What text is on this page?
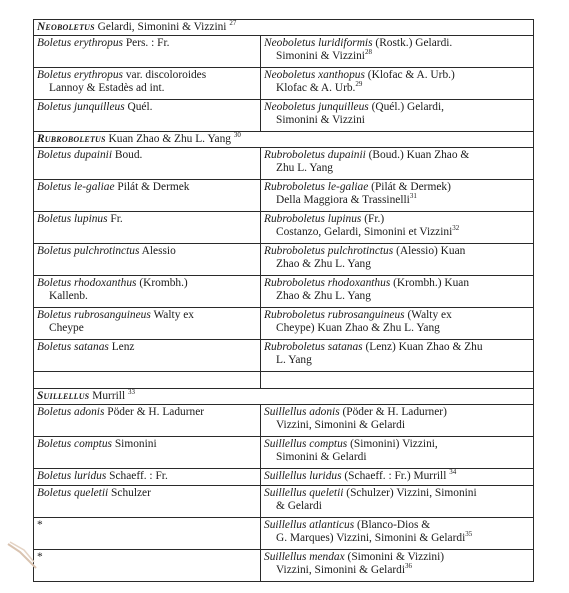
Neoboletus Gelardi, Simonini & Vizzini $^{27}$
Boletus erythropus Pers. : Fr.	Neoboletus luridiformis (Rostk.) Gelardi.
Simonini & Vizzini$^{28}$

Boletus erythropus var. discoloroides
Lannoy & Estadès ad int.	Neoboletus xanthopus (Klofac & A. Urb.)
Klofac & A. Urb.$^{29}$

Boletus junquilleus Quél.	Neoboletus junquilleus (Quél.) Gelardi,
Simonini & Vizzini

Rubroboletus Kuan Zhao & Zhu L. Yang $^{30}$
Boletus dupainii Boud.	Rubroboletus dupainii (Boud.) Kuan Zhao &
Zhu L. Yang

Boletus le-galiae Pilát & Dermek	Rubroboletus le-galiae (Pilát & Dermek)
Della Maggiora & Trassinelli$^{31}$

Boletus lupinus Fr.	Rubroboletus lupinus (Fr.)
Costanzo, Gelardi, Simonini et Vizzini$^{32}$

Boletus pulchrotinctus Alessio	Rubroboletus pulchrotinctus (Alessio) Kuan
Zhao & Zhu L. Yang

Boletus rhodoxanthus (Krombh.)
Kallenb.	Rubroboletus rhodoxanthus (Krombh.) Kuan
Zhao & Zhu L. Yang

Boletus rubrosanguineus Walty ex
Cheype	Rubroboletus rubrosanguineus (Walty ex
Cheype) Kuan Zhao & Zhu L. Yang

Boletus satanas Lenz	Rubroboletus satanas (Lenz) Kuan Zhao & Zhu
L. Yang

Suillellus Murrill $^{33}$
Boletus adonis Pöder & H. Ladurner	Suillellus adonis (Pöder & H. Ladurner)
Vizzini, Simonini & Gelardi

Boletus comptus Simonini	Suillellus comptus (Simonini) Vizzini,
Simonini & Gelardi

Boletus luridus Schaeff. : Fr.	Suillellus luridus (Schaeff. : Fr.) Murrill $^{34}$
Boletus queletii Schulzer	Suillellus queletii (Schulzer) Vizzini, Simonini
& Gelardi

*	Suillellus atlanticus (Blanco-Dios &
G. Marques) Vizzini, Simonini & Gelardi$^{35}$

*	Suillellus mendax (Simonini & Vizzini)
Vizzini, Simonini & Gelardi$^{36}$
